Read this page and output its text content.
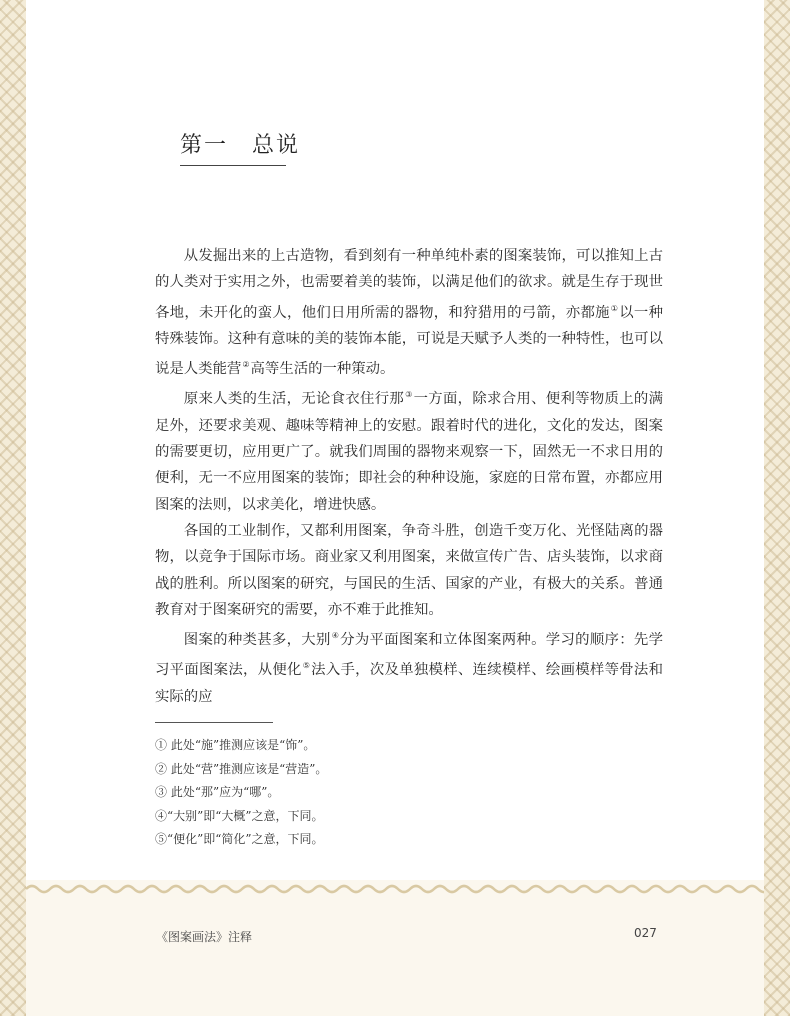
第一　总说

从发掘出来的上古造物，看到刻有一种单纯朴素的图案装饰，可以推知上古的人类对于实用之外，也需要着美的装饰，以满足他们的欲求。就是生存于现世各地，未开化的蛮人，他们日用所需的器物，和狩猎用的弓箭，亦都施①以一种特殊装饰。这种有意味的美的装饰本能，可说是天赋予人类的一种特性，也可以说是人类能营②高等生活的一种策动。

原来人类的生活，无论食衣住行那③一方面，除求合用、便利等物质上的满足外，还要求美观、趣味等精神上的安慰。跟着时代的进化，文化的发达，图案的需要更切，应用更广了。就我们周围的器物来观察一下，固然无一不求日用的便利，无一不应用图案的装饰；即社会的种种设施，家庭的日常布置，亦都应用图案的法则，以求美化，增进快感。

各国的工业制作，又都利用图案，争奇斗胜，创造千变万化、光怪陆离的器物，以竞争于国际市场。商业家又利用图案，来做宣传广告、店头装饰，以求商战的胜利。所以图案的研究，与国民的生活、国家的产业，有极大的关系。普通教育对于图案研究的需要，亦不难于此推知。

图案的种类甚多，大别④分为平面图案和立体图案两种。学习的顺序：先学习平面图案法，从便化⑤法入手，次及单独模样、连续模样、绘画模样等骨法和实际的应

① 此处“施”推测应该是“饰”。
② 此处“营”推测应该是“营造”。
③ 此处“那”应为“哪”。
④“大别”即“大概”之意，下同。
⑤“便化”即“简化”之意，下同。
《图案画法》注释	027
